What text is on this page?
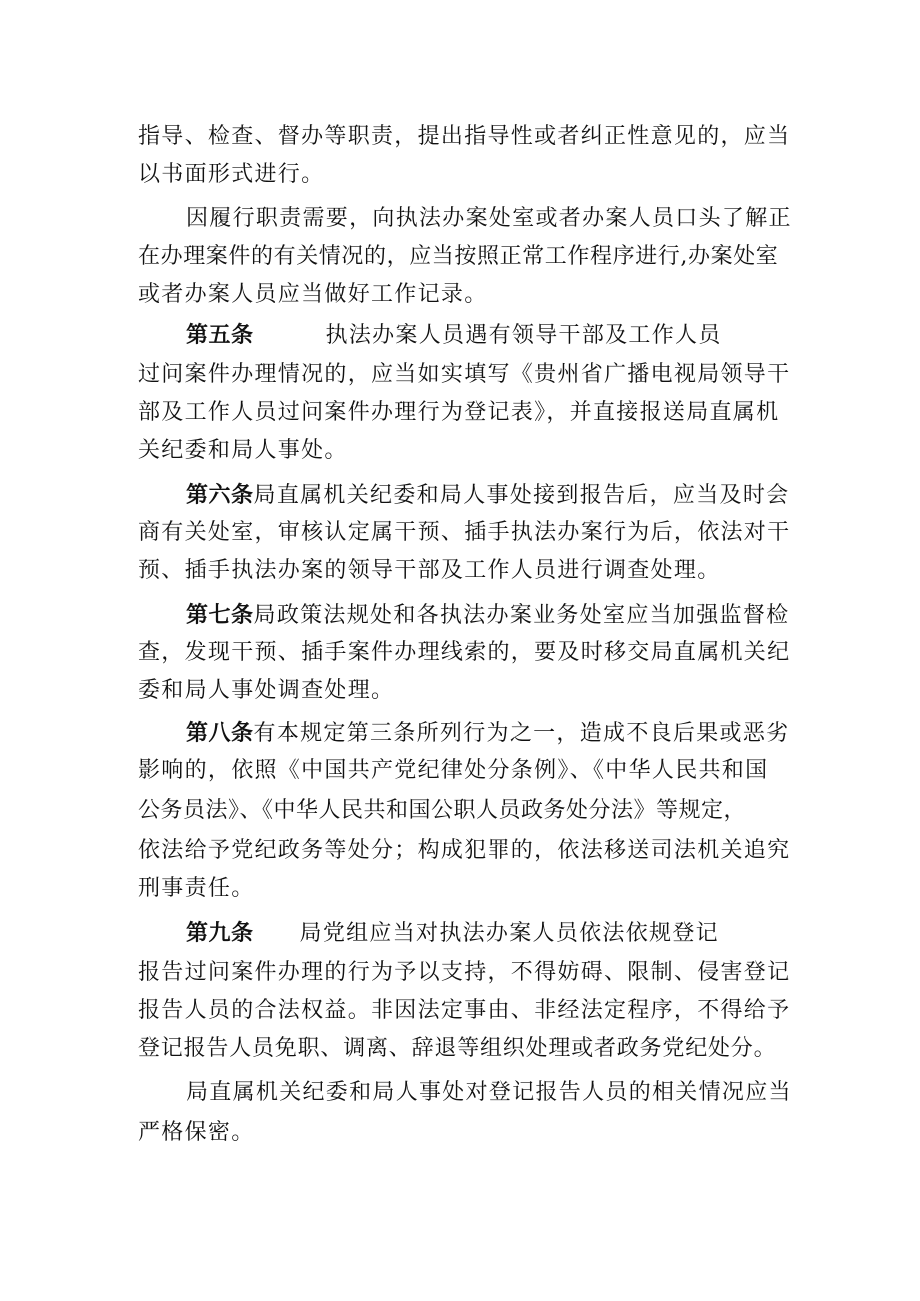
指导、检查、督办等职责，提出指导性或者纠正性意见的，应当
以书面形式进行。
因履行职责需要，向执法办案处室或者办案人员口头了解正
在办理案件的有关情况的，应当按照正常工作程序进行,办案处室
或者办案人员应当做好工作记录。
第五条	执法办案人员遇有领导干部及工作人员
过问案件办理情况的，应当如实填写《贵州省广播电视局领导干
部及工作人员过问案件办理行为登记表》，并直接报送局直属机
关纪委和局人事处。
第六条局直属机关纪委和局人事处接到报告后，应当及时会
商有关处室，审核认定属干预、插手执法办案行为后，依法对干
预、插手执法办案的领导干部及工作人员进行调查处理。
第七条局政策法规处和各执法办案业务处室应当加强监督检
查，发现干预、插手案件办理线索的，要及时移交局直属机关纪
委和局人事处调查处理。
第八条有本规定第三条所列行为之一，造成不良后果或恶劣
影响的，依照《中国共产党纪律处分条例》、《中华人民共和国
公务员法》、《中华人民共和国公职人员政务处分法》等规定，
依法给予党纪政务等处分；构成犯罪的，依法移送司法机关追究
刑事责任。
第九条 局党组应当对执法办案人员依法依规登记
报告过问案件办理的行为予以支持，不得妨碍、限制、侵害登记
报告人员的合法权益。非因法定事由、非经法定程序，不得给予
登记报告人员免职、调离、辞退等组织处理或者政务党纪处分。
局直属机关纪委和局人事处对登记报告人员的相关情况应当
严格保密。
